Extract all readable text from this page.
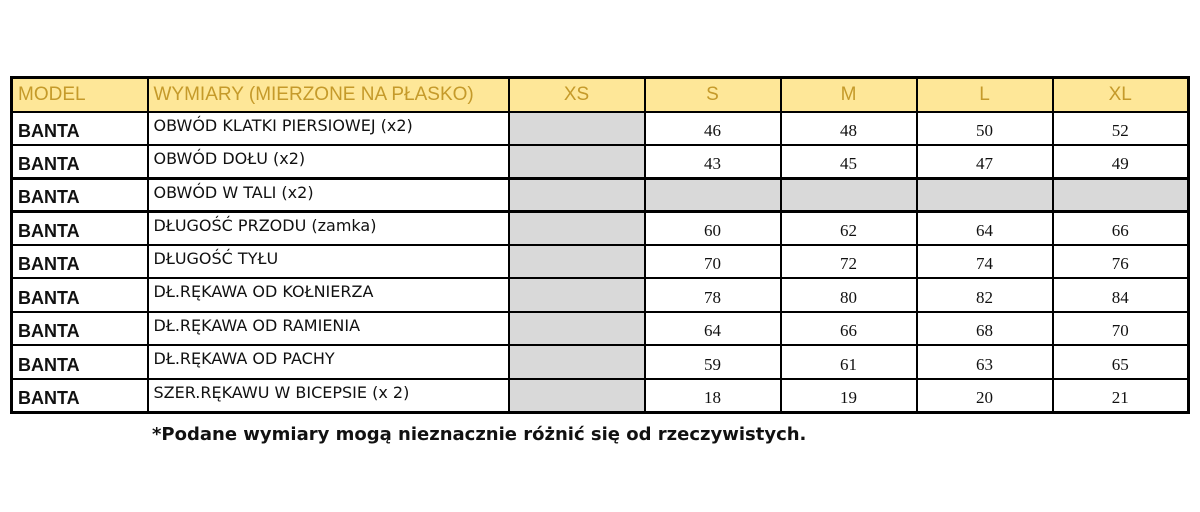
MODEL	WYMIARY (MIERZONE NA PŁASKO)	XS	S	M	L	XL
BANTA	OBWÓD KLATKI PIERSIOWEJ (x2)		46	48	50	52
BANTA	OBWÓD DOŁU (x2)		43	45	47	49
BANTA	OBWÓD W TALI (x2)					
BANTA	DŁUGOŚĆ PRZODU (zamka)		60	62	64	66
BANTA	DŁUGOŚĆ TYŁU		70	72	74	76
BANTA	DŁ.RĘKAWA OD KOŁNIERZA		78	80	82	84
BANTA	DŁ.RĘKAWA OD RAMIENIA		64	66	68	70
BANTA	DŁ.RĘKAWA OD PACHY		59	61	63	65
BANTA	SZER.RĘKAWU W BICEPSIE (x 2)		18	19	20	21

*Podane wymiary mogą nieznacznie różnić się od rzeczywistych.
